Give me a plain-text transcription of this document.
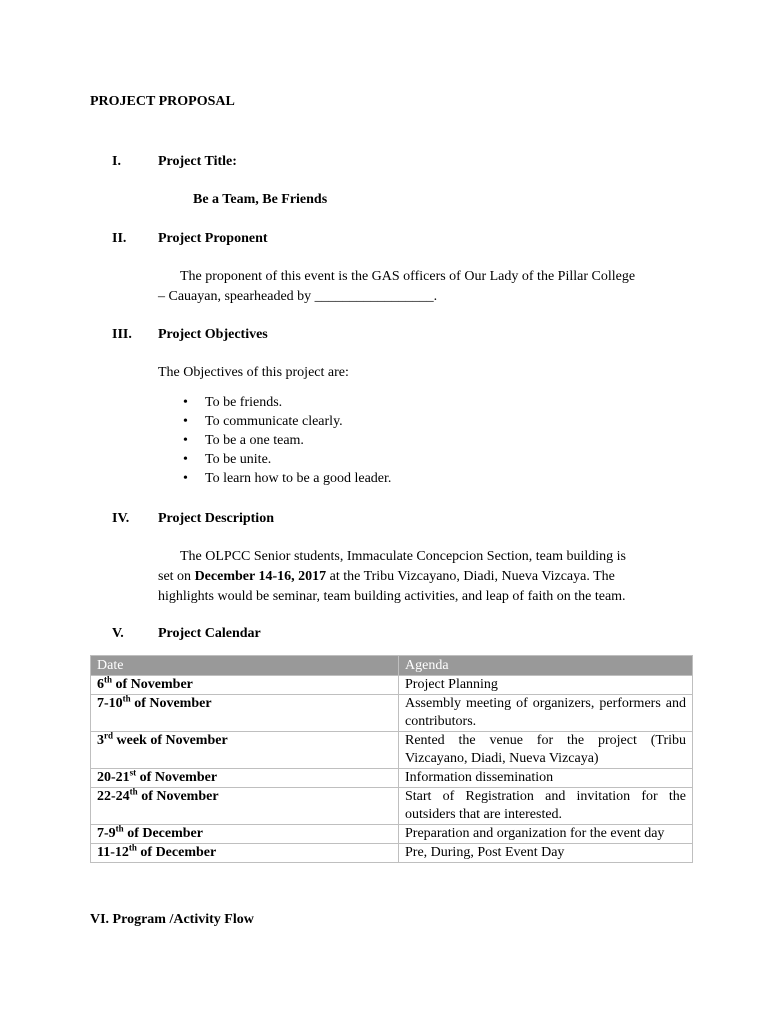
PROJECT PROPOSAL
I.	Project Title:
Be a Team, Be Friends
II. Project Proponent
The proponent of this event is the GAS officers of Our Lady of the Pillar College
– Cauayan, spearheaded by _________________.
III. Project Objectives
The Objectives of this project are:
• To be friends.
• To communicate clearly.
• To be a one team.
• To be unite.
• To learn how to be a good leader.
IV. Project Description
The OLPCC Senior students, Immaculate Concepcion Section, team building is
set on December 14-16, 2017 at the Tribu Vizcayano, Diadi, Nueva Vizcaya. The
highlights would be seminar, team building activities, and leap of faith on the team.
V. Project Calendar
Date	Agenda
6th of November	Project Planning
7-10th of November	Assembly meeting of organizers, performers and contributors.
3rd week of November	Rented the venue for the project (Tribu Vizcayano, Diadi, Nueva Vizcaya)
20-21st of November	Information dissemination
22-24th of November	Start of Registration and invitation for the outsiders that are interested.
7-9th of December	Preparation and organization for the event day
11-12th of December	Pre, During, Post Event Day
VI. Program /Activity Flow
